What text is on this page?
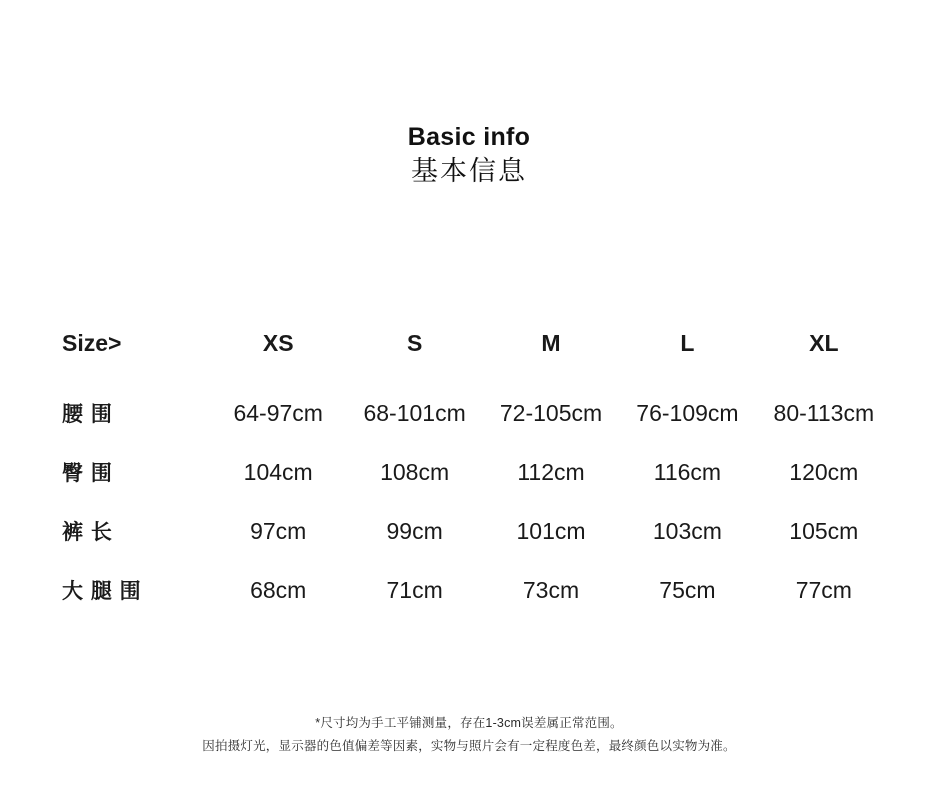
Basic info
基本信息
Size>	XS	S	M	L	XL
腰 围	64-97cm	68-101cm	72-105cm	76-109cm	80-113cm
臀 围	104cm	108cm	112cm	116cm	120cm
裤 长	97cm	99cm	101cm	103cm	105cm
大 腿 围	68cm	71cm	73cm	75cm	77cm
*尺寸均为手工平铺测量，存在1-3cm误差属正常范围。
因拍摄灯光，显示器的色值偏差等因素，实物与照片会有一定程度色差，最终颜色以实物为准。
